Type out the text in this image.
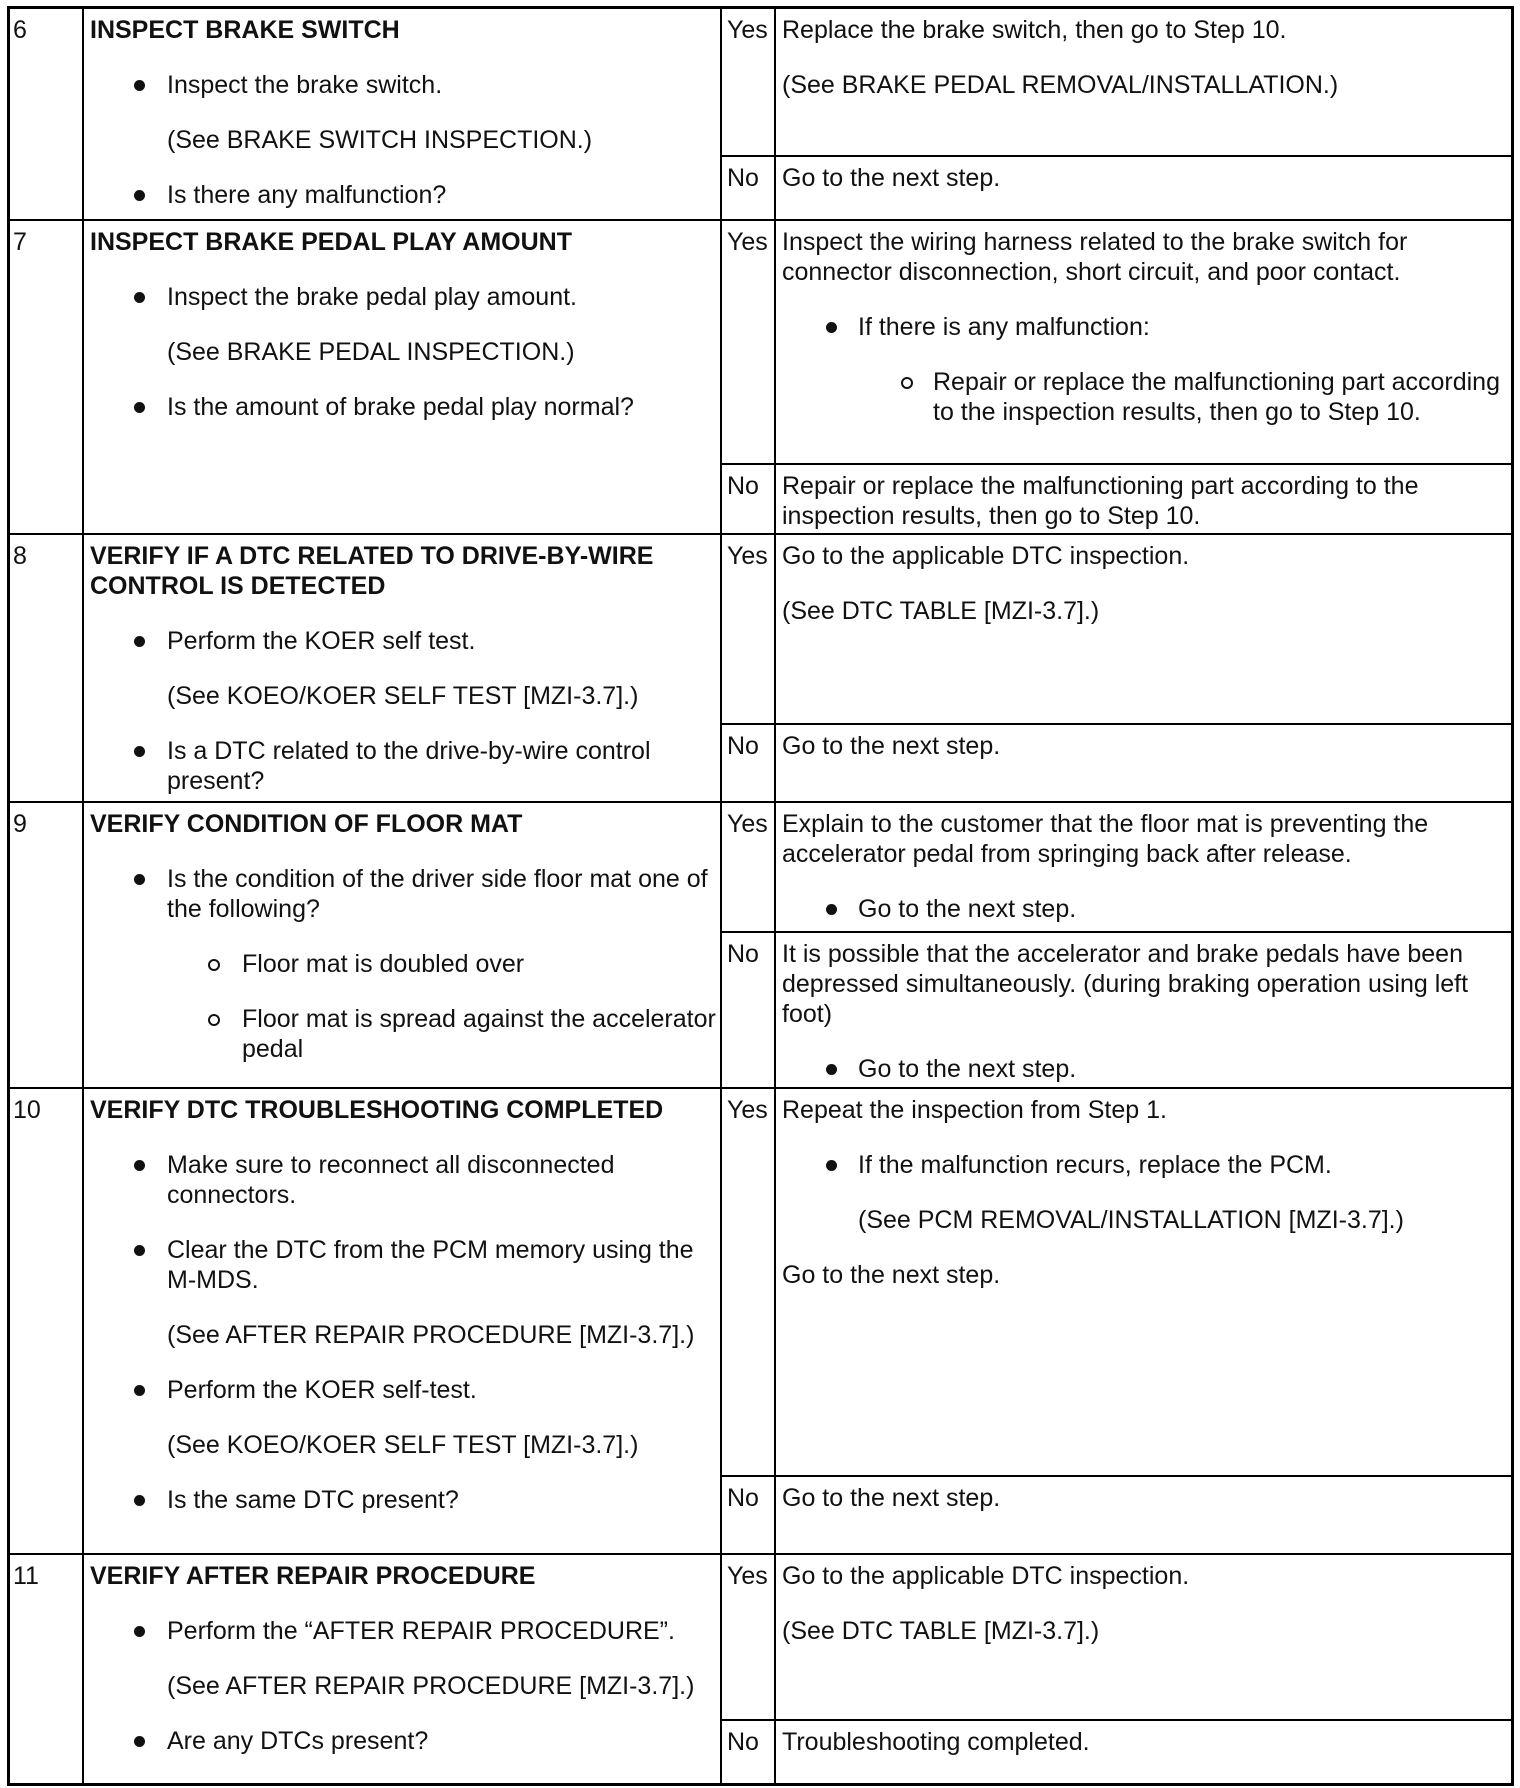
6	INSPECT BRAKE SWITCH

Inspect the brake switch.

(See BRAKE SWITCH INSPECTION.)

Is there any malfunction?

Yes Replace the brake switch, then go to Step 10.

(See BRAKE PEDAL REMOVAL/INSTALLATION.)

No Go to the next step.

7	INSPECT BRAKE PEDAL PLAY AMOUNT

Inspect the brake pedal play amount.

(See BRAKE PEDAL INSPECTION.)

Is the amount of brake pedal play normal?

Yes Inspect the wiring harness related to the brake switch for connector disconnection, short circuit, and poor contact.

If there is any malfunction:

Repair or replace the malfunctioning part according to the inspection results, then go to Step 10.

No Repair or replace the malfunctioning part according to the inspection results, then go to Step 10.

8	VERIFY IF A DTC RELATED TO DRIVE-BY-WIRE CONTROL IS DETECTED

Perform the KOER self test.

(See KOEO/KOER SELF TEST [MZI-3.7].)

Is a DTC related to the drive-by-wire control present?

Yes Go to the applicable DTC inspection.

(See DTC TABLE [MZI-3.7].)

No Go to the next step.

9	VERIFY CONDITION OF FLOOR MAT

Is the condition of the driver side floor mat one of the following?

Floor mat is doubled over

Floor mat is spread against the accelerator pedal

Yes Explain to the customer that the floor mat is preventing the accelerator pedal from springing back after release.

Go to the next step.

No It is possible that the accelerator and brake pedals have been depressed simultaneously. (during braking operation using left foot)

Go to the next step.

10	VERIFY DTC TROUBLESHOOTING COMPLETED

Make sure to reconnect all disconnected connectors.

Clear the DTC from the PCM memory using the M-MDS.

(See AFTER REPAIR PROCEDURE [MZI-3.7].)

Perform the KOER self-test.

(See KOEO/KOER SELF TEST [MZI-3.7].)

Is the same DTC present?

Yes Repeat the inspection from Step 1.

If the malfunction recurs, replace the PCM.

(See PCM REMOVAL/INSTALLATION [MZI-3.7].)

Go to the next step.

No Go to the next step.

11	VERIFY AFTER REPAIR PROCEDURE

Perform the “AFTER REPAIR PROCEDURE”.

(See AFTER REPAIR PROCEDURE [MZI-3.7].)

Are any DTCs present?

Yes Go to the applicable DTC inspection.

(See DTC TABLE [MZI-3.7].)

No Troubleshooting completed.
